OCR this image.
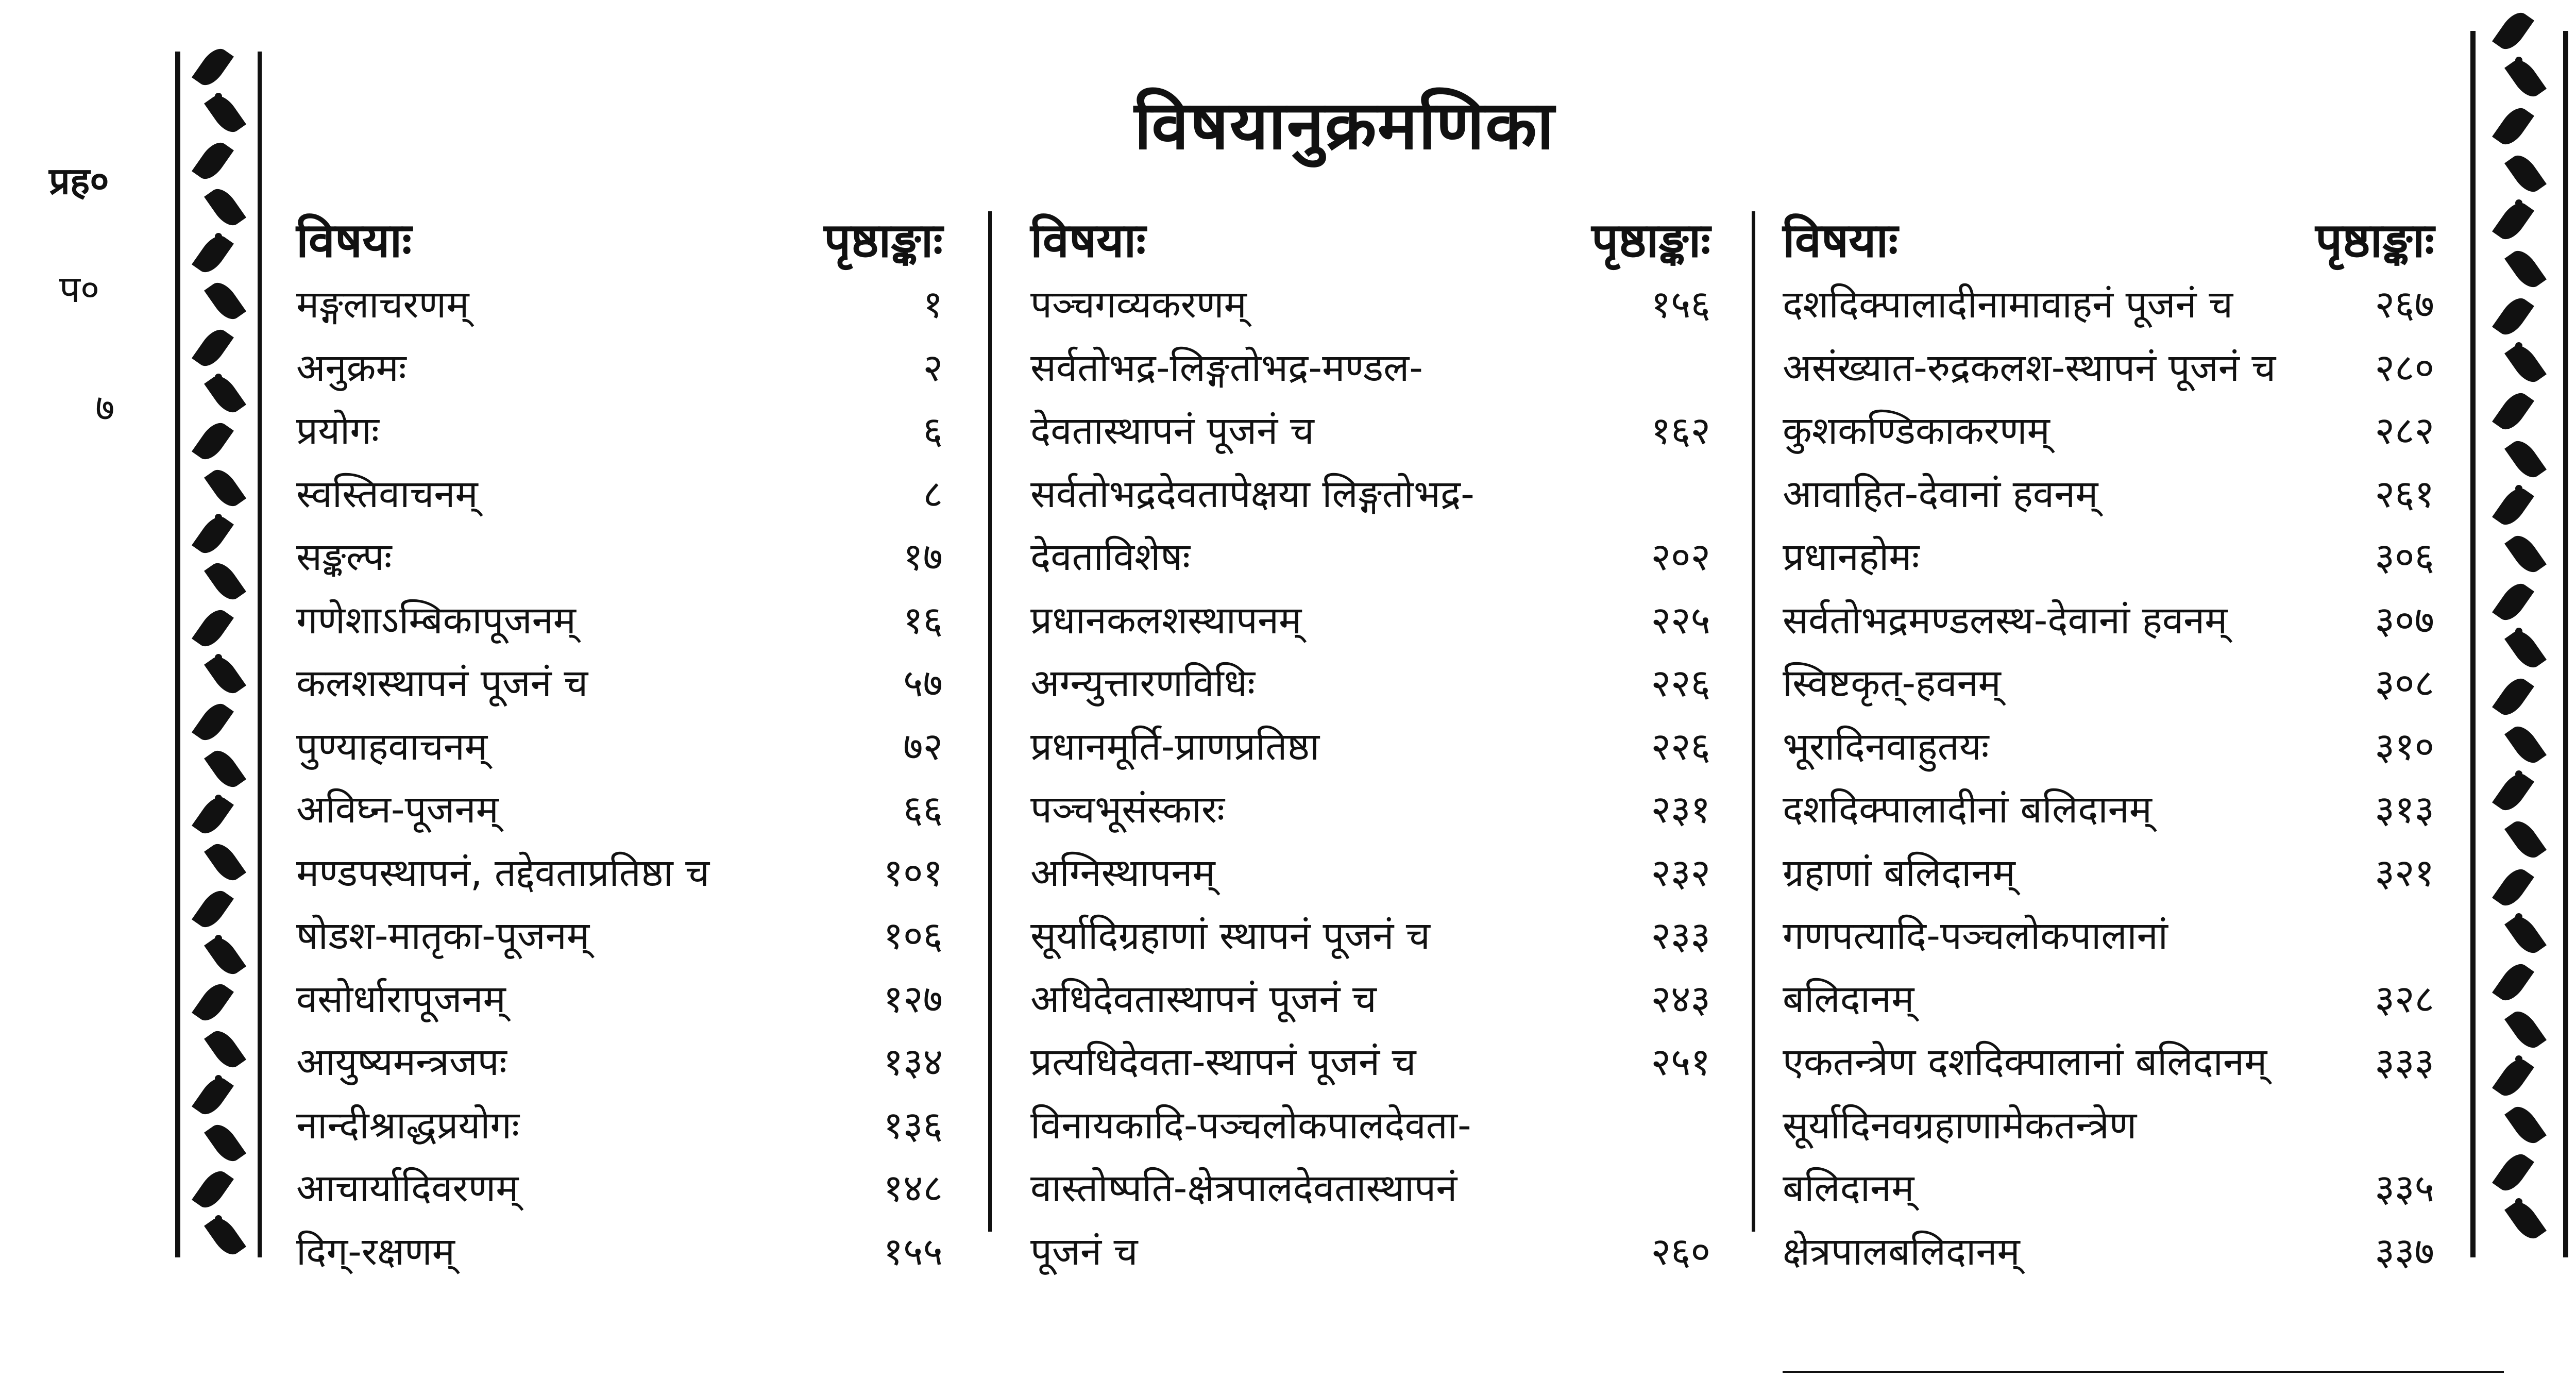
प्रह०
प०
७
विषयानुक्रमणिका
विषयाः	पृष्ठाङ्काः
मङ्गलाचरणम्	१
अनुक्रमः	२
प्रयोगः	६
स्वस्तिवाचनम्	८
सङ्कल्पः	१७
गणेशाऽम्बिकापूजनम्	१६
कलशस्थापनं पूजनं च	५७
पुण्याहवाचनम्	७२
अविघ्न-पूजनम्	६६
मण्डपस्थापनं, तद्देवताप्रतिष्ठा च	१०१
षोडश-मातृका-पूजनम्	१०६
वसोर्धारापूजनम्	१२७
आयुष्यमन्त्रजपः	१३४
नान्दीश्राद्धप्रयोगः	१३६
आचार्यादिवरणम्	१४८
दिग्-रक्षणम्	१५५
विषयाः	पृष्ठाङ्काः
पञ्चगव्यकरणम्	१५६
सर्वतोभद्र-लिङ्गतोभद्र-मण्डल-
देवतास्थापनं पूजनं च	१६२
सर्वतोभद्रदेवतापेक्षया लिङ्गतोभद्र-
देवताविशेषः	२०२
प्रधानकलशस्थापनम्	२२५
अग्न्युत्तारणविधिः	२२६
प्रधानमूर्ति-प्राणप्रतिष्ठा	२२६
पञ्चभूसंस्कारः	२३१
अग्निस्थापनम्	२३२
सूर्यादिग्रहाणां स्थापनं पूजनं च	२३३
अधिदेवतास्थापनं पूजनं च	२४३
प्रत्यधिदेवता-स्थापनं पूजनं च	२५१
विनायकादि-पञ्चलोकपालदेवता-
वास्तोष्पति-क्षेत्रपालदेवतास्थापनं
पूजनं च	२६०
विषयाः	पृष्ठाङ्काः
दशदिक्पालादीनामावाहनं पूजनं च	२६७
असंख्यात-रुद्रकलश-स्थापनं पूजनं च	२८०
कुशकण्डिकाकरणम्	२८२
आवाहित-देवानां हवनम्	२६१
प्रधानहोमः	३०६
सर्वतोभद्रमण्डलस्थ-देवानां हवनम्	३०७
स्विष्टकृत्-हवनम्	३०८
भूरादिनवाहुतयः	३१०
दशदिक्पालादीनां बलिदानम्	३१३
ग्रहाणां बलिदानम्	३२१
गणपत्यादि-पञ्चलोकपालानां
बलिदानम्	३२८
एकतन्त्रेण दशदिक्पालानां बलिदानम्	३३३
सूर्यादिनवग्रहाणामेकतन्त्रेण
बलिदानम्	३३५
क्षेत्रपालबलिदानम्	३३७
